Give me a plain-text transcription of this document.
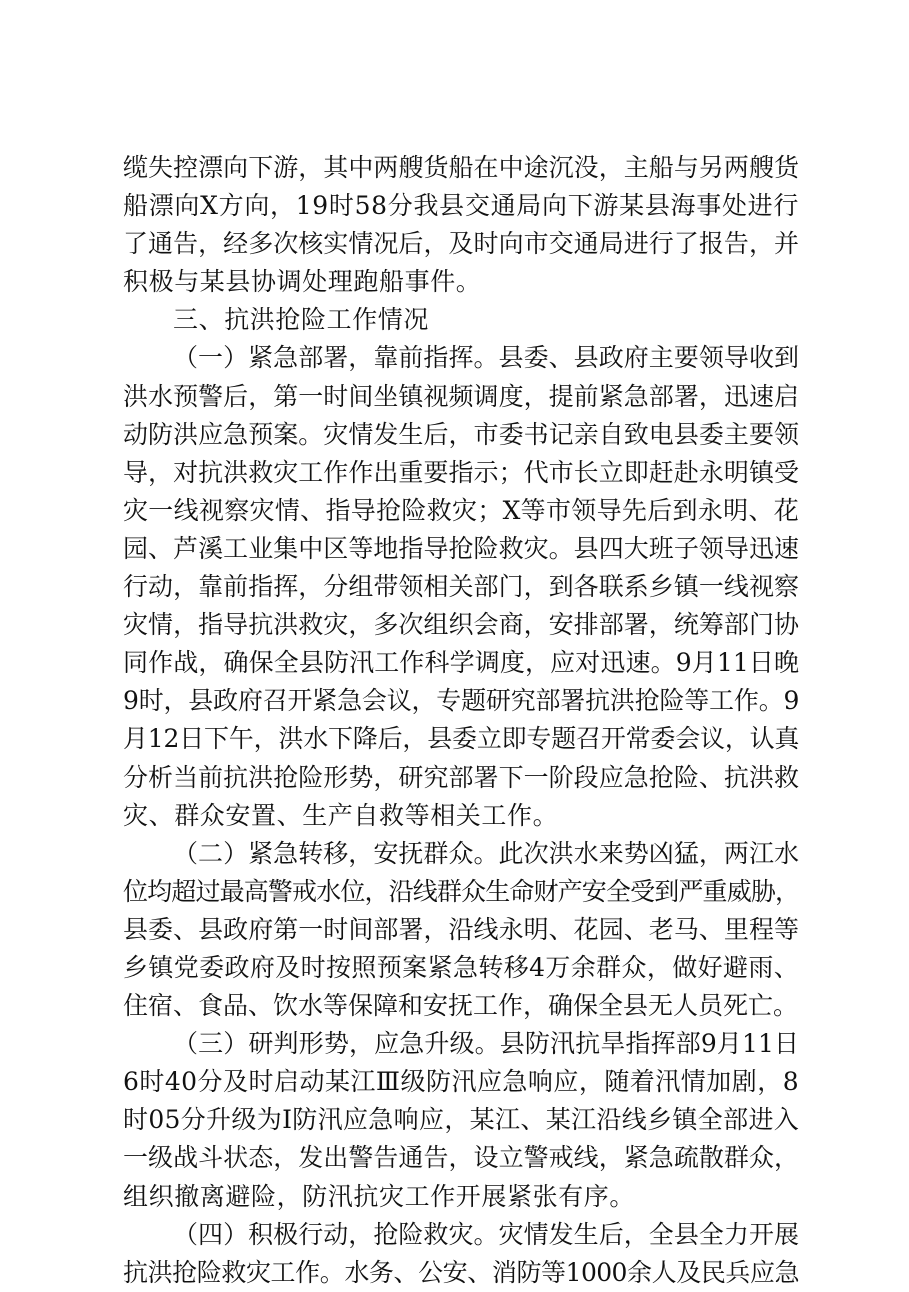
缆失控漂向下游，其中两艘货船在中途沉没，主船与另两艘货
船漂向X方向，19时58分我县交通局向下游某县海事处进行
了通告，经多次核实情况后，及时向市交通局进行了报告，并
积极与某县协调处理跑船事件。
三、抗洪抢险工作情况
（一）紧急部署，靠前指挥。县委、县政府主要领导收到
洪水预警后，第一时间坐镇视频调度，提前紧急部署，迅速启
动防洪应急预案。灾情发生后，市委书记亲自致电县委主要领
导，对抗洪救灾工作作出重要指示；代市长立即赶赴永明镇受
灾一线视察灾情、指导抢险救灾；X等市领导先后到永明、花
园、芦溪工业集中区等地指导抢险救灾。县四大班子领导迅速
行动，靠前指挥，分组带领相关部门，到各联系乡镇一线视察
灾情，指导抗洪救灾，多次组织会商，安排部署，统筹部门协
同作战，确保全县防汛工作科学调度，应对迅速。9月11日晚
9时，县政府召开紧急会议，专题研究部署抗洪抢险等工作。9
月12日下午，洪水下降后，县委立即专题召开常委会议，认真
分析当前抗洪抢险形势，研究部署下一阶段应急抢险、抗洪救
灾、群众安置、生产自救等相关工作。
（二）紧急转移，安抚群众。此次洪水来势凶猛，两江水
位均超过最高警戒水位，沿线群众生命财产安全受到严重威胁，
县委、县政府第一时间部署，沿线永明、花园、老马、里程等
乡镇党委政府及时按照预案紧急转移4万余群众，做好避雨、
住宿、食品、饮水等保障和安抚工作，确保全县无人员死亡。
（三）研判形势，应急升级。县防汛抗旱指挥部9月11日
6时40分及时启动某江Ⅲ级防汛应急响应，随着汛情加剧，8
时05分升级为Ⅰ防汛应急响应，某江、某江沿线乡镇全部进入
一级战斗状态，发出警告通告，设立警戒线，紧急疏散群众，
组织撤离避险，防汛抗灾工作开展紧张有序。
（四）积极行动，抢险救灾。灾情发生后，全县全力开展
抗洪抢险救灾工作。水务、公安、消防等1000余人及民兵应急
